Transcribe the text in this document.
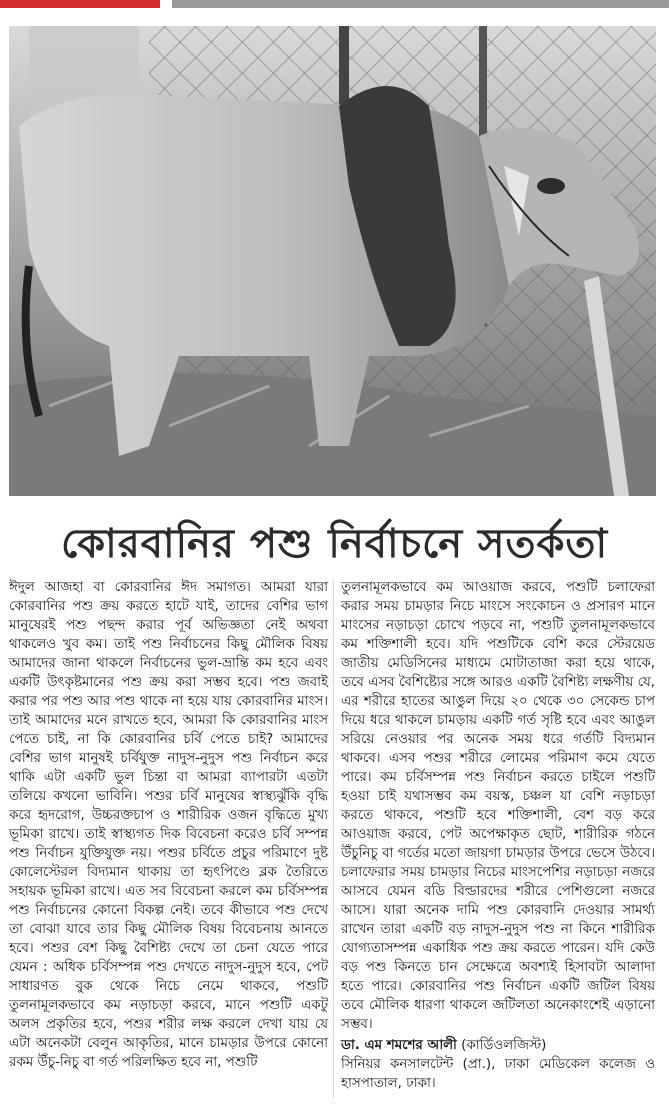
কোরবানির পশু নির্বাচনে সতর্কতা

ঈদুল আজহা বা কোরবানির ঈদ সমাগত। আমরা যারা কোরবানির পশু ক্রয় করতে হাটে যাই, তাদের বেশির ভাগ মানুষেরই পশু পছন্দ করার পূর্ব অভিজ্ঞতা নেই অথবা থাকলেও খুব কম। তাই পশু নির্বাচনের কিছু মৌলিক বিষয় আমাদের জানা থাকলে নির্বাচনের ভুল-ভ্রান্তি কম হবে এবং একটি উৎকৃষ্টমানের পশু ক্রয় করা সম্ভব হবে। পশু জবাই করার পর পশু আর পশু থাকে না হয়ে যায় কোরবানির মাংস। তাই আমাদের মনে রাখতে হবে, আমরা কি কোরবানির মাংস পেতে চাই, না কি কোরবানির চর্বি পেতে চাই? আমাদের বেশির ভাগ মানুষই চর্বিযুক্ত নাদুস-নুদুস পশু নির্বাচন করে থাকি এটা একটি ভুল চিন্তা বা আমরা ব্যাপারটা এতটা তলিয়ে কখনো ভাবিনি। পশুর চর্বি মানুষের স্বাস্থ্যঝুঁকি বৃদ্ধি করে হৃদরোগ, উচ্চরক্তচাপ ও শারীরিক ওজন বৃদ্ধিতে মুখ্য ভূমিকা রাখে। তাই স্বাস্থ্যগত দিক বিবেচনা করেও চর্বি সম্পন্ন পশু নির্বাচন যুক্তিযুক্ত নয়। পশুর চর্বিতে প্রচুর পরিমাণে দুষ্ট কোলেস্টেরল বিদ্যমান থাকায় তা হৃৎপিণ্ডে ব্লক তৈরিতে সহায়ক ভূমিকা রাখে। এত সব বিবেচনা করলে কম চর্বিসম্পন্ন পশু নির্বাচনের কোনো বিকল্প নেই। তবে কীভাবে পশু দেখে তা বোঝা যাবে তার কিছু মৌলিক বিষয় বিবেচনায় আনতে হবে। পশুর বেশ কিছু বৈশিষ্ট্য দেখে তা চেনা যেতে পারে যেমন : অধিক চর্বিসম্পন্ন পশু দেখতে নাদুস-নুদুস হবে, পেট সাধারণত বুক থেকে নিচে নেমে থাকবে, পশুটি তুলনামূলকভাবে কম নড়াচড়া করবে, মানে পশুটি একটু অলস প্রকৃতির হবে, পশুর শরীর লক্ষ করলে দেখা যায় যে এটা অনেকটা বেলুন আকৃতির, মানে চামড়ার উপরে কোনো রকম উঁচু-নিচু বা গর্ত পরিলক্ষিত হবে না, পশুটি

তুলনামূলকভাবে কম আওয়াজ করবে, পশুটি চলাফেরা করার সময় চামড়ার নিচে মাংসে সংকোচন ও প্রসারণ মানে মাংসের নড়াচড়া চোখে পড়বে না, পশুটি তুলনামূলকভাবে কম শক্তিশালী হবে। যদি পশুটিকে বেশি করে স্টেরয়েড জাতীয় মেডিসিনের মাধ্যমে মোটাতাজা করা হয়ে থাকে, তবে এসব বৈশিষ্ট্যের সঙ্গে আরও একটি বৈশিষ্ট্য লক্ষণীয় যে, এর শরীরে হাতের আঙুল দিয়ে ২০ থেকে ৩০ সেকেন্ড চাপ দিয়ে ধরে থাকলে চামড়ায় একটি গর্ত সৃষ্টি হবে এবং আঙুল সরিয়ে নেওয়ার পর অনেক সময় ধরে গর্তটি বিদ্যমান থাকবে। এসব পশুর শরীরে লোমের পরিমাণ কমে যেতে পারে। কম চর্বিসম্পন্ন পশু নির্বাচন করতে চাইলে পশুটি হওয়া চাই যথাসম্ভব কম বয়স্ক, চঞ্চল যা বেশি নড়াচড়া করতে থাকবে, পশুটি হবে শক্তিশালী, বেশ বড় করে আওয়াজ করবে, পেট অপেক্ষাকৃত ছোট, শারীরিক গঠনে উঁচুনিচু বা গর্তের মতো জায়গা চামড়ার উপরে ভেসে উঠবে। চলাফেরার সময় চামড়ার নিচের মাংসপেশির নড়াচড়া নজরে আসবে যেমন বডি বিল্ডারদের শরীরে পেশিগুলো নজরে আসে। যারা অনেক দামি পশু কোরবানি দেওয়ার সামর্থ্য রাখেন তারা একটি বড় নাদুস-নুদুস পশু না কিনে শারীরিক যোগ্যতাসম্পন্ন একাধিক পশু ক্রয় করতে পারেন। যদি কেউ বড় পশু কিনতে চান সেক্ষেত্রে অবশ্যই হিসাবটা আলাদা হতে পারে। কোরবানির পশু নির্বাচন একটি জটিল বিষয় তবে মৌলিক ধারণা থাকলে জটিলতা অনেকাংশেই এড়ানো সম্ভব।

ডা. এম শমশের আলী (কার্ডিওলজিস্ট)
সিনিয়র কনসালটেন্ট (প্রা.), ঢাকা মেডিকেল কলেজ ও হাসপাতাল, ঢাকা।
